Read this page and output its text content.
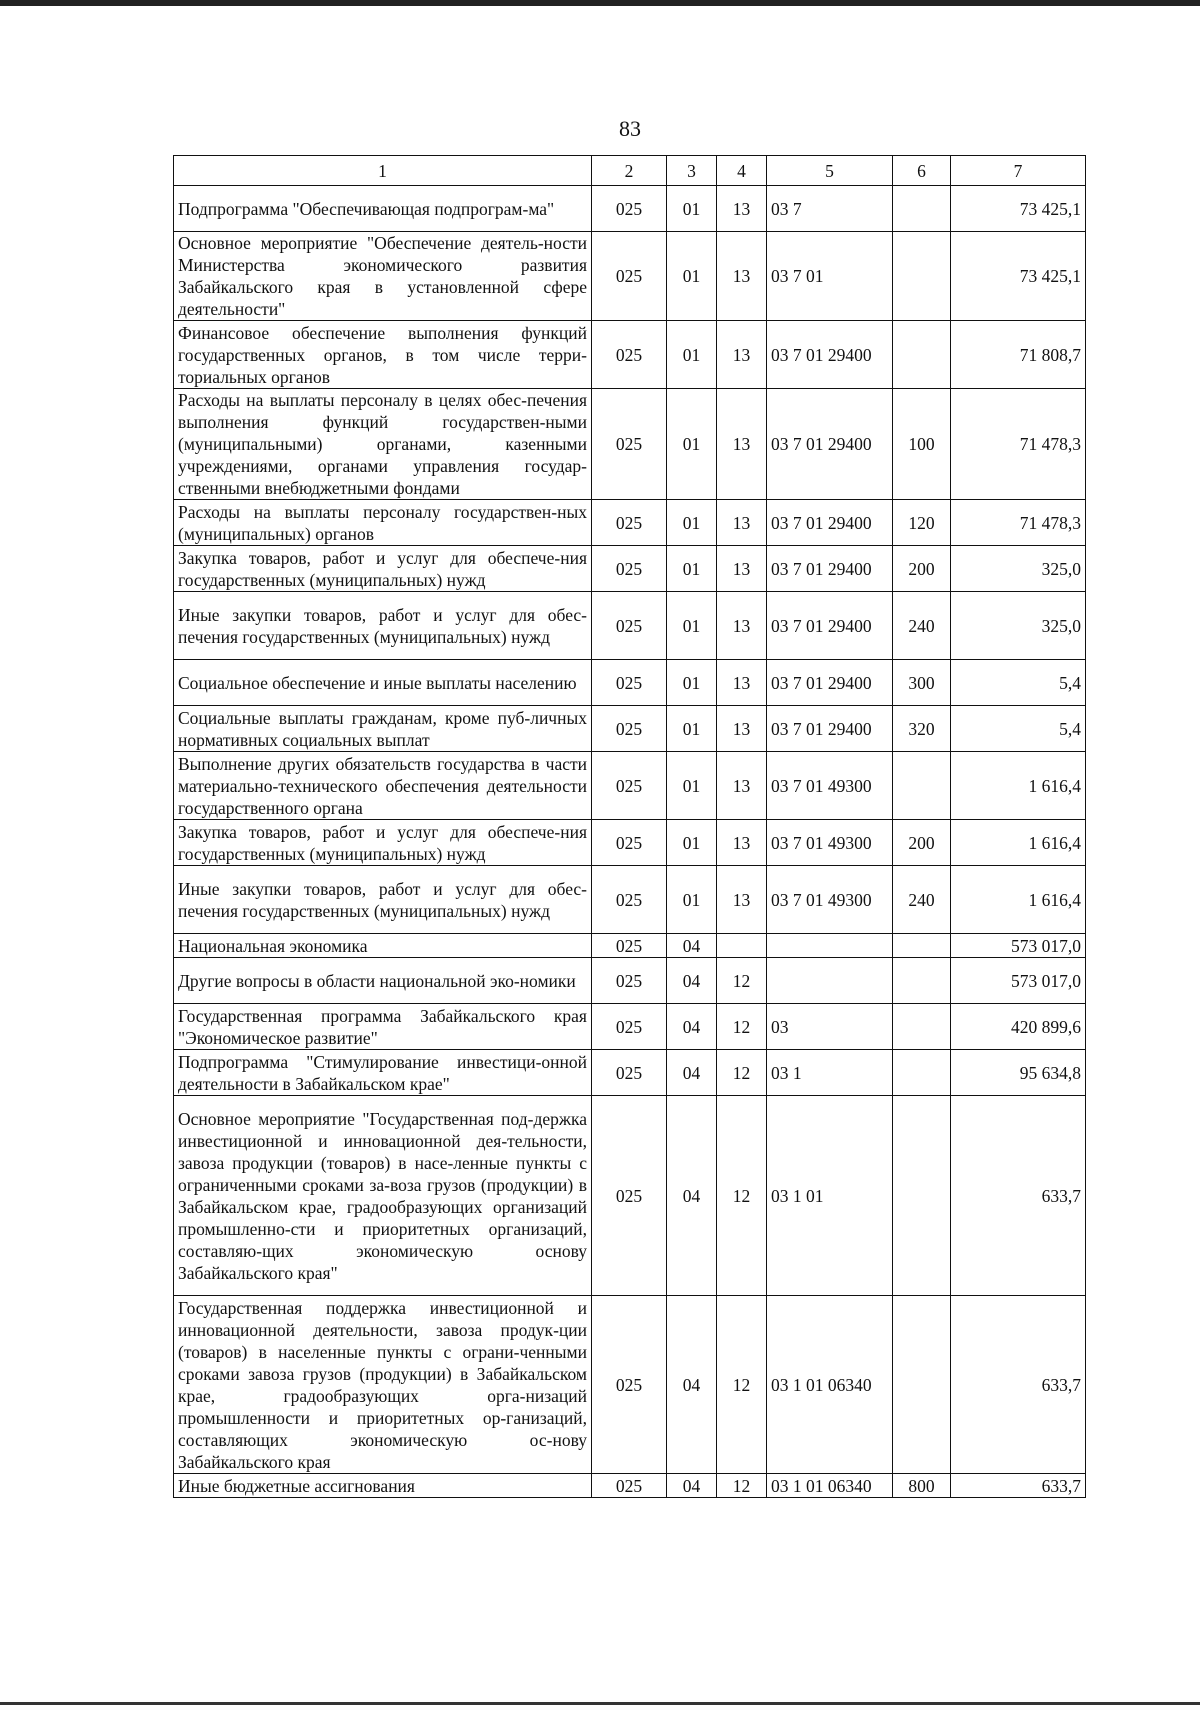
83
1	2	3	4	5	6	7
Подпрограмма "Обеспечивающая подпрограм-ма"	025	01	13	03 7		73 425,1
Основное мероприятие "Обеспечение деятель-ности Министерства экономического развития Забайкальского края в установленной сфере деятельности"	025	01	13	03 7 01		73 425,1
Финансовое обеспечение выполнения функций государственных органов, в том числе терри-ториальных органов	025	01	13	03 7 01 29400		71 808,7
Расходы на выплаты персоналу в целях обес-печения выполнения функций государствен-ными (муниципальными) органами, казенными учреждениями, органами управления государ-ственными внебюджетными фондами	025	01	13	03 7 01 29400	100	71 478,3
Расходы на выплаты персоналу государствен-ных (муниципальных) органов	025	01	13	03 7 01 29400	120	71 478,3
Закупка товаров, работ и услуг для обеспече-ния государственных (муниципальных) нужд	025	01	13	03 7 01 29400	200	325,0
Иные закупки товаров, работ и услуг для обес-печения государственных (муниципальных) нужд	025	01	13	03 7 01 29400	240	325,0
Социальное обеспечение и иные выплаты населению	025	01	13	03 7 01 29400	300	5,4
Социальные выплаты гражданам, кроме пуб-личных нормативных социальных выплат	025	01	13	03 7 01 29400	320	5,4
Выполнение других обязательств государства в части материально-технического обеспечения деятельности государственного органа	025	01	13	03 7 01 49300		1 616,4
Закупка товаров, работ и услуг для обеспече-ния государственных (муниципальных) нужд	025	01	13	03 7 01 49300	200	1 616,4
Иные закупки товаров, работ и услуг для обес-печения государственных (муниципальных) нужд	025	01	13	03 7 01 49300	240	1 616,4
Национальная экономика	025	04				573 017,0
Другие вопросы в области национальной эко-номики	025	04	12			573 017,0
Государственная программа Забайкальского края "Экономическое развитие"	025	04	12	03		420 899,6
Подпрограмма "Стимулирование инвестици-онной деятельности в Забайкальском крае"	025	04	12	03 1		95 634,8
Основное мероприятие "Государственная под-держка инвестиционной и инновационной дея-тельности, завоза продукции (товаров) в насе-ленные пункты с ограниченными сроками за-воза грузов (продукции) в Забайкальском крае, градообразующих организаций промышленно-сти и приоритетных организаций, составляю-щих экономическую основу Забайкальского края"	025	04	12	03 1 01		633,7
Государственная поддержка инвестиционной и инновационной деятельности, завоза продук-ции (товаров) в населенные пункты с ограни-ченными сроками завоза грузов (продукции) в Забайкальском крае, градообразующих орга-низаций промышленности и приоритетных ор-ганизаций, составляющих экономическую ос-нову Забайкальского края	025	04	12	03 1 01 06340		633,7
Иные бюджетные ассигнования	025	04	12	03 1 01 06340	800	633,7
